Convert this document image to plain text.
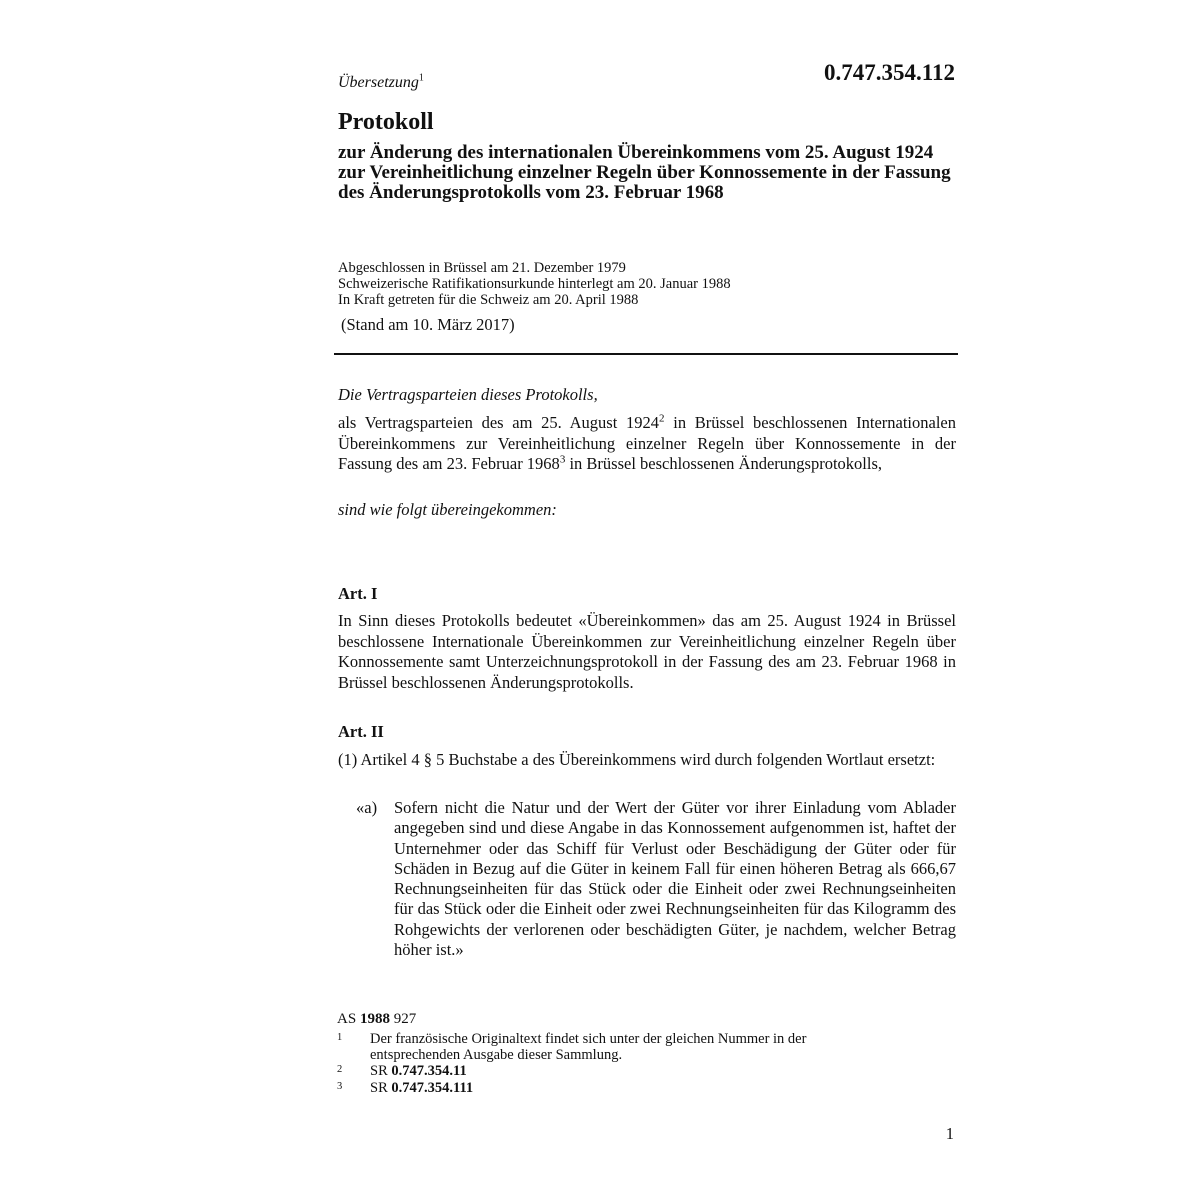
Übersetzung$^1$	0.747.354.112
Protokoll
zur Änderung des internationalen Übereinkommens vom 25. August 1924 zur Vereinheitlichung einzelner Regeln über Konnossemente in der Fassung des Änderungsprotokolls vom 23. Februar 1968
Abgeschlossen in Brüssel am 21. Dezember 1979
Schweizerische Ratifikationsurkunde hinterlegt am 20. Januar 1988
In Kraft getreten für die Schweiz am 20. April 1988
(Stand am 10. März 2017)
Die Vertragsparteien dieses Protokolls,
als Vertragsparteien des am 25. August 1924$^2$ in Brüssel beschlossenen Internationalen Übereinkommens zur Vereinheitlichung einzelner Regeln über Konnossemente in der Fassung des am 23. Februar 1968$^3$ in Brüssel beschlossenen Änderungsprotokolls,
sind wie folgt übereingekommen:
Art. I
In Sinn dieses Protokolls bedeutet «Übereinkommen» das am 25. August 1924 in Brüssel beschlossene Internationale Übereinkommen zur Vereinheitlichung einzelner Regeln über Konnossemente samt Unterzeichnungsprotokoll in der Fassung des am 23. Februar 1968 in Brüssel beschlossenen Änderungsprotokolls.
Art. II
(1) Artikel 4 § 5 Buchstabe a des Übereinkommens wird durch folgenden Wortlaut ersetzt:
«a) Sofern nicht die Natur und der Wert der Güter vor ihrer Einladung vom Ablader angegeben sind und diese Angabe in das Konnossement aufgenommen ist, haftet der Unternehmer oder das Schiff für Verlust oder Beschädigung der Güter oder für Schäden in Bezug auf die Güter in keinem Fall für einen höheren Betrag als 666,67 Rechnungseinheiten für das Stück oder die Einheit oder zwei Rechnungseinheiten für das Stück oder die Einheit oder zwei Rechnungseinheiten für das Kilogramm des Rohgewichts der verlorenen oder beschädigten Güter, je nachdem, welcher Betrag höher ist.»
AS 1988 927
1 Der französische Originaltext findet sich unter der gleichen Nummer in der entsprechenden Ausgabe dieser Sammlung.
2 SR 0.747.354.11
3 SR 0.747.354.111
1
